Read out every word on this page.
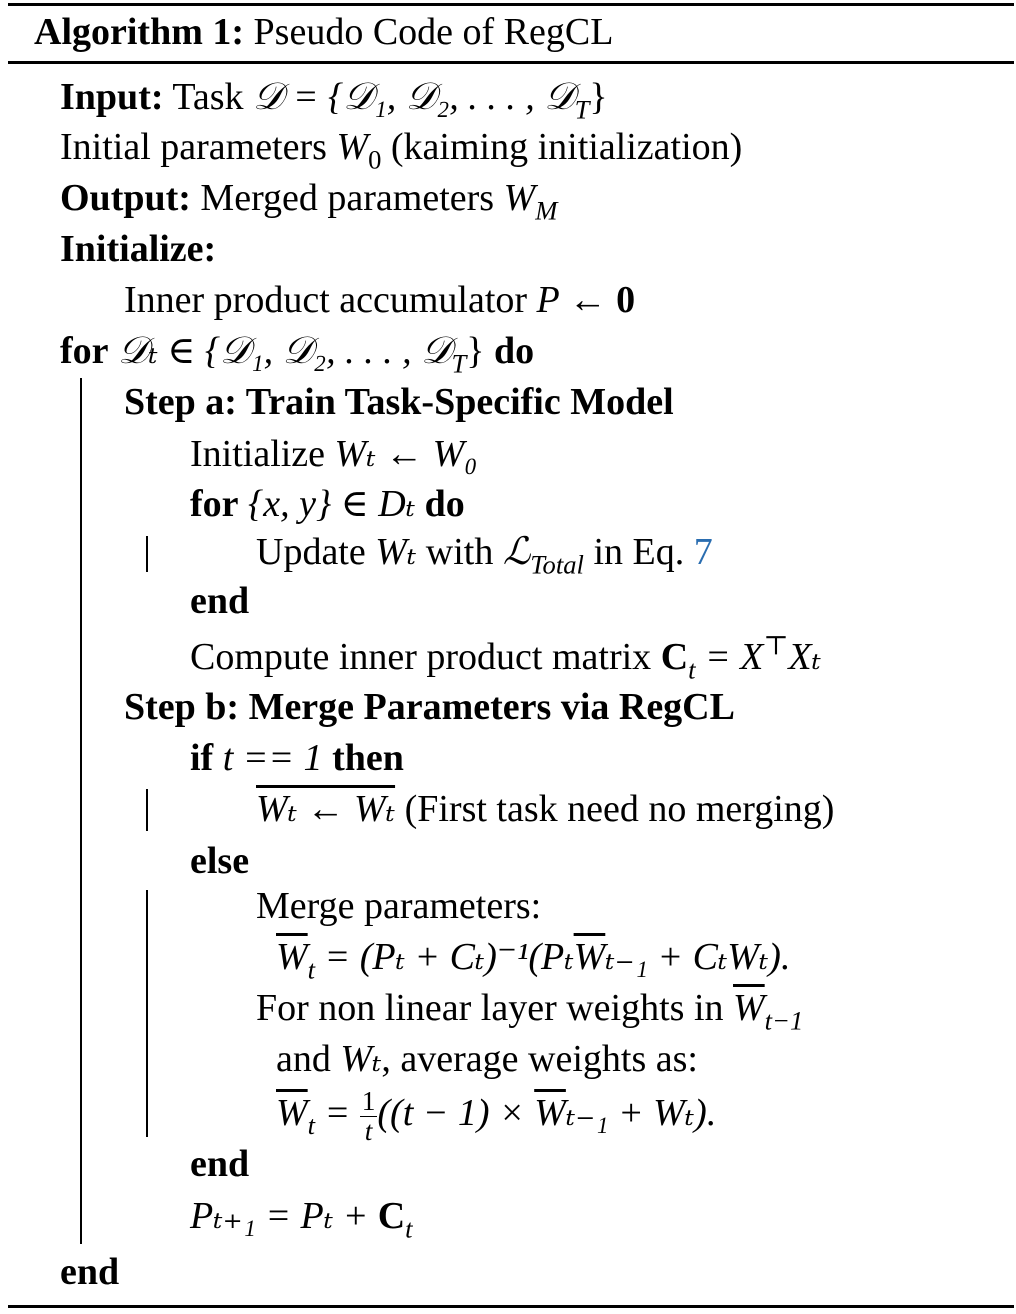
Algorithm 1: Pseudo Code of RegCL
Input: Task 𝒟 = {𝒟₁, 𝒟₂, . . . , 𝒟$_T$}
Initial parameters $W_0$ (kaiming initialization)
Output: Merged parameters $W_M$
Initialize:
Inner product accumulator P ← 0
for 𝒟ₜ ∈ {𝒟₁, 𝒟₂, . . . , 𝒟$_T$} do
Step a: Train Task-Specific Model
Initialize Wₜ ← W₀
for {x, y} ∈ Dₜ do
Update Wₜ with ℒ$_{Total}$ in Eq. 7
end
Compute inner product matrix $C_t = X^⊤X_t$
Step b: Merge Parameters via RegCL
if t == 1 then
Wₜ ← Wₜ (First task need no merging)
else
Merge parameters:
$\overline{W}_t = (P_t + C_t)^{-1}(P_t\overline{W}_{t-1} + C_tW_t)$.
For non linear layer weights in $\overline{W}_{t-1}$
and Wₜ, average weights as:
$\overline{W}_t = \frac{1}{t} ((t - 1) \times \overline{W}_{t-1} + W_t)$.
end
$P_{t+1} = P_t + C_t$
end
